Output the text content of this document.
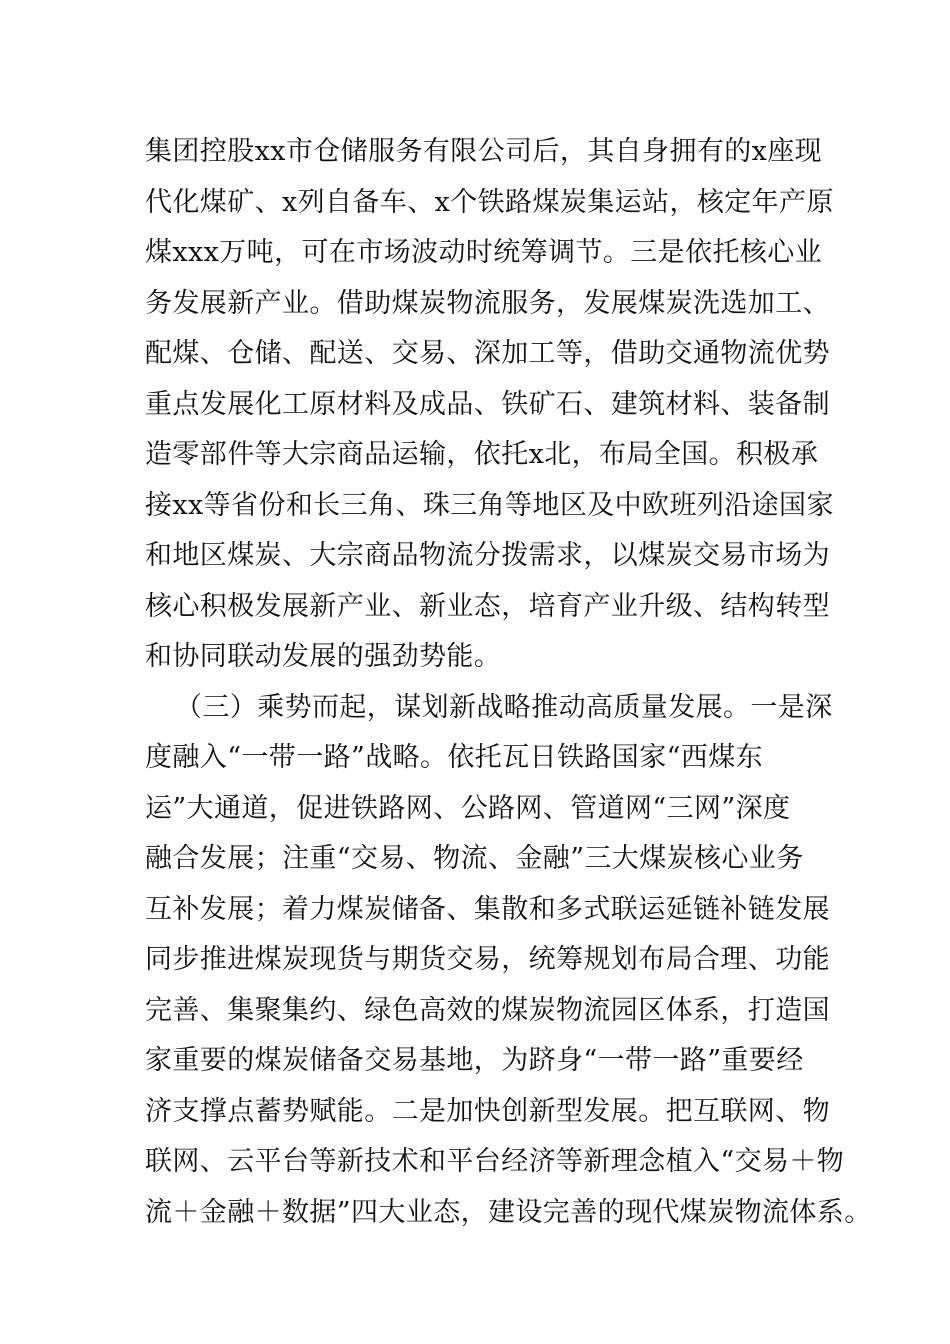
集团控股xx市仓储服务有限公司后，其自身拥有的x座现
代化煤矿、x列自备车、x个铁路煤炭集运站，核定年产原
煤xxx万吨，可在市场波动时统筹调节。三是依托核心业
务发展新产业。借助煤炭物流服务，发展煤炭洗选加工、
配煤、仓储、配送、交易、深加工等，借助交通物流优势
重点发展化工原材料及成品、铁矿石、建筑材料、装备制
造零部件等大宗商品运输，依托x北，布局全国。积极承
接xx等省份和长三角、珠三角等地区及中欧班列沿途国家
和地区煤炭、大宗商品物流分拨需求，以煤炭交易市场为
核心积极发展新产业、新业态，培育产业升级、结构转型
和协同联动发展的强劲势能。
（三）乘势而起，谋划新战略推动高质量发展。一是深
度融入“一带一路”战略。依托瓦日铁路国家“西煤东
运”大通道，促进铁路网、公路网、管道网“三网”深度
融合发展；注重“交易、物流、金融”三大煤炭核心业务
互补发展；着力煤炭储备、集散和多式联运延链补链发展
同步推进煤炭现货与期货交易，统筹规划布局合理、功能
完善、集聚集约、绿色高效的煤炭物流园区体系，打造国
家重要的煤炭储备交易基地，为跻身“一带一路”重要经
济支撑点蓄势赋能。二是加快创新型发展。把互联网、物
联网、云平台等新技术和平台经济等新理念植入“交易＋物
流＋金融＋数据”四大业态，建设完善的现代煤炭物流体系。
